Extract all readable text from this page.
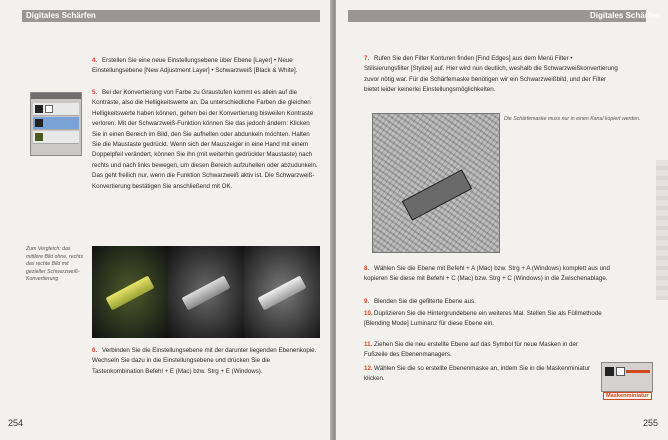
Digitales Schärfen
4. Erstellen Sie eine neue Einstellungsebene über Ebene [Layer] • Neue Einstellungsebene [New Adjustment Layer] • Schwarzweiß [Black & White].
5. Bei der Konvertierung von Farbe zu Graustufen kommt es allein auf die Kontraste, also die Helligkeitswerte an. Da unterschiedliche Farben die gleichen Helligkeitswerte haben können, gehen bei der Konvertierung bisweilen Kontraste verloren. Mit der Schwarzweiß-Funktion können Sie das jedoch ändern: Klicken Sie in einen Bereich im Bild, den Sie aufhellen oder abdunkeln möchten. Halten Sie die Maustaste gedrückt. Wenn sich der Mauszeiger in eine Hand mit einem Doppelpfeil verändert, können Sie ihn (mit weiterhin gedrückter Maustaste) nach rechts und nach links bewegen, um diesen Bereich aufzuhellen oder abzudunkeln. Das geht freilich nur, wenn die Funktion Schwarzweiß aktiv ist. Die Schwarzweiß-Konvertierung bestätigen Sie anschließend mit OK.
Zum Vergleich: das mittlere Bild ohne, rechts das rechte Bild mit gezielter Schwarzweiß-Konvertierung
6. Verbinden Sie die Einstellungsebene mit der darunter liegenden Ebenenkopie. Wechseln Sie dazu in die Einstellungsebene und drücken Sie die Tastenkombination Befehl + E (Mac) bzw. Strg + E (Windows).
254
Digitales Schärfen
7. Rufen Sie den Filter Konturen finden [Find Edges] aus dem Menü Filter • Stilisierungsfilter [Stylize] auf. Hier wird nun deutlich, weshalb die Schwarzweißkonvertierung zuvor nötig war. Für die Schärfemaske benötigen wir ein Schwarzweißbild, und der Filter bietet leider keinerlei Einstellungsmöglichkeiten.
Die Schärfemaske muss nur in einen Kanal kopiert werden.
8. Wählen Sie die Ebene mit Befehl + A (Mac) bzw. Strg + A (Windows) komplett aus und kopieren Sie diese mit Befehl + C (Mac) bzw. Strg + C (Windows) in die Zwischenablage.
9. Blenden Sie die gefilterte Ebene aus.
10.Duplizieren Sie die Hintergrundebene ein weiteres Mal. Stellen Sie als Füllmethode [Blending Mode] Luminanz für diese Ebene ein.
11. Ziehen Sie die neu erstellte Ebene auf das Symbol für neue Masken in der Fußzeile des Ebenenmanagers.
12.Wählen Sie die so erstellte Ebenenmaske an, indem Sie in die Maskenminiatur klicken.
Maskenminiatur
255
